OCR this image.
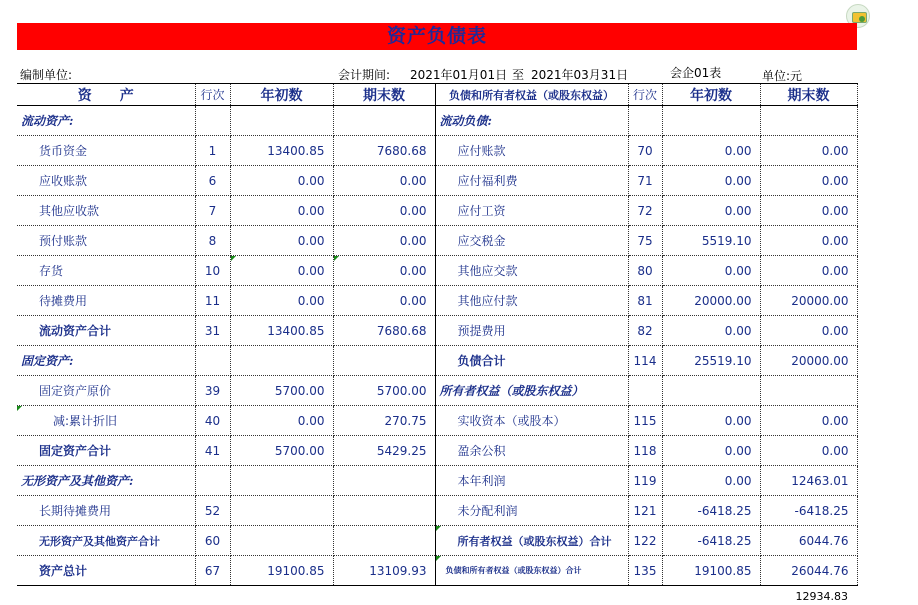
资产负债表
编制单位:	会计期间: 2021年01月01日 至 2021年03月31日	会企01表	单位:元
资　　产	行次	年初数	期末数	负债和所有者权益（或股东权益）	行次	年初数	期末数
流动资产:				流动负债:			
货币资金	1	13400.85	7680.68	应付账款	70	0.00	0.00
应收账款	6	0.00	0.00	应付福利费	71	0.00	0.00
其他应收款	7	0.00	0.00	应付工资	72	0.00	0.00
预付账款	8	0.00	0.00	应交税金	75	5519.10	0.00
存货	10	0.00	0.00	其他应交款	80	0.00	0.00
待摊费用	11	0.00	0.00	其他应付款	81	20000.00	20000.00
流动资产合计	31	13400.85	7680.68	预提费用	82	0.00	0.00
固定资产:				负债合计	114	25519.10	20000.00
固定资产原价	39	5700.00	5700.00	所有者权益（或股东权益）			
减:累计折旧	40	0.00	270.75	实收资本（或股本）	115	0.00	0.00
固定资产合计	41	5700.00	5429.25	盈余公积	118	0.00	0.00
无形资产及其他资产:				本年利润	119	0.00	12463.01
长期待摊费用	52			未分配利润	121	-6418.25	-6418.25
无形资产及其他资产合计	60			所有者权益（或股东权益）合计	122	-6418.25	6044.76
资产总计	67	19100.85	13109.93	负债和所有者权益（或股东权益）合计	135	19100.85	26044.76
12934.83
